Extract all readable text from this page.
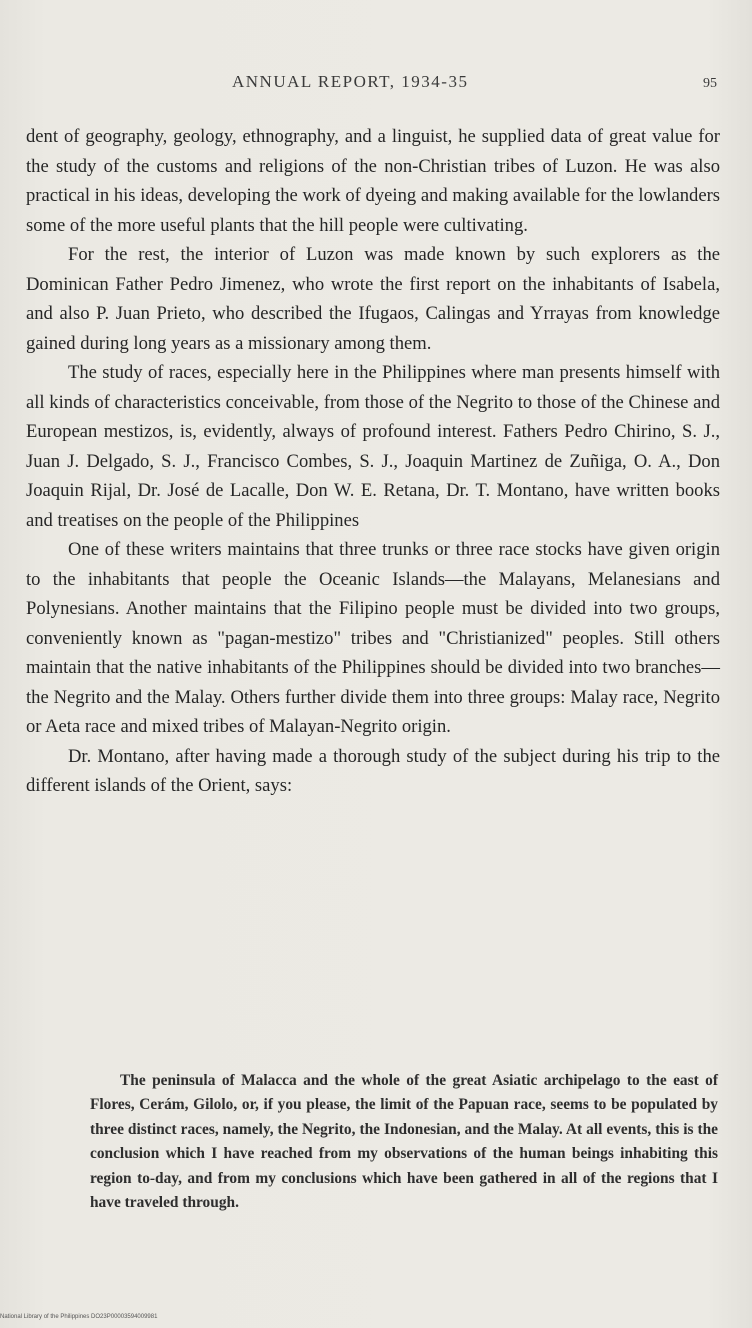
ANNUAL REPORT, 1934-35	95

dent of geography, geology, ethnography, and a linguist, he supplied data of great value for the study of the customs and religions of the non-Christian tribes of Luzon. He was also practical in his ideas, developing the work of dyeing and making available for the lowlanders some of the more useful plants that the hill people were cultivating.

For the rest, the interior of Luzon was made known by such explorers as the Dominican Father Pedro Jimenez, who wrote the first report on the inhabitants of Isabela, and also P. Juan Prieto, who described the Ifugaos, Calingas and Yrrayas from knowledge gained during long years as a missionary among them.

The study of races, especially here in the Philippines where man presents himself with all kinds of characteristics conceivable, from those of the Negrito to those of the Chinese and European mestizos, is, evidently, always of profound interest. Fathers Pedro Chirino, S. J., Juan J. Delgado, S. J., Francisco Combes, S. J., Joaquin Martinez de Zuñiga, O. A., Don Joaquin Rijal, Dr. José de Lacalle, Don W. E. Retana, Dr. T. Montano, have written books and treatises on the people of the Philippines

One of these writers maintains that three trunks or three race stocks have given origin to the inhabitants that people the Oceanic Islands—the Malayans, Melanesians and Polynesians. Another maintains that the Filipino people must be divided into two groups, conveniently known as "pagan-mestizo" tribes and "Christianized" peoples. Still others maintain that the native inhabitants of the Philippines should be divided into two branches—the Negrito and the Malay. Others further divide them into three groups: Malay race, Negrito or Aeta race and mixed tribes of Malayan-Negrito origin.

Dr. Montano, after having made a thorough study of the subject during his trip to the different islands of the Orient, says:

The peninsula of Malacca and the whole of the great Asiatic archipelago to the east of Flores, Cerám, Gilolo, or, if you please, the limit of the Papuan race, seems to be populated by three distinct races, namely, the Negrito, the Indonesian, and the Malay. At all events, this is the conclusion which I have reached from my observations of the human beings inhabiting this region to-day, and from my conclusions which have been gathered in all of the regions that I have traveled through.

National Library of the Philippines DO23P00003594009981
